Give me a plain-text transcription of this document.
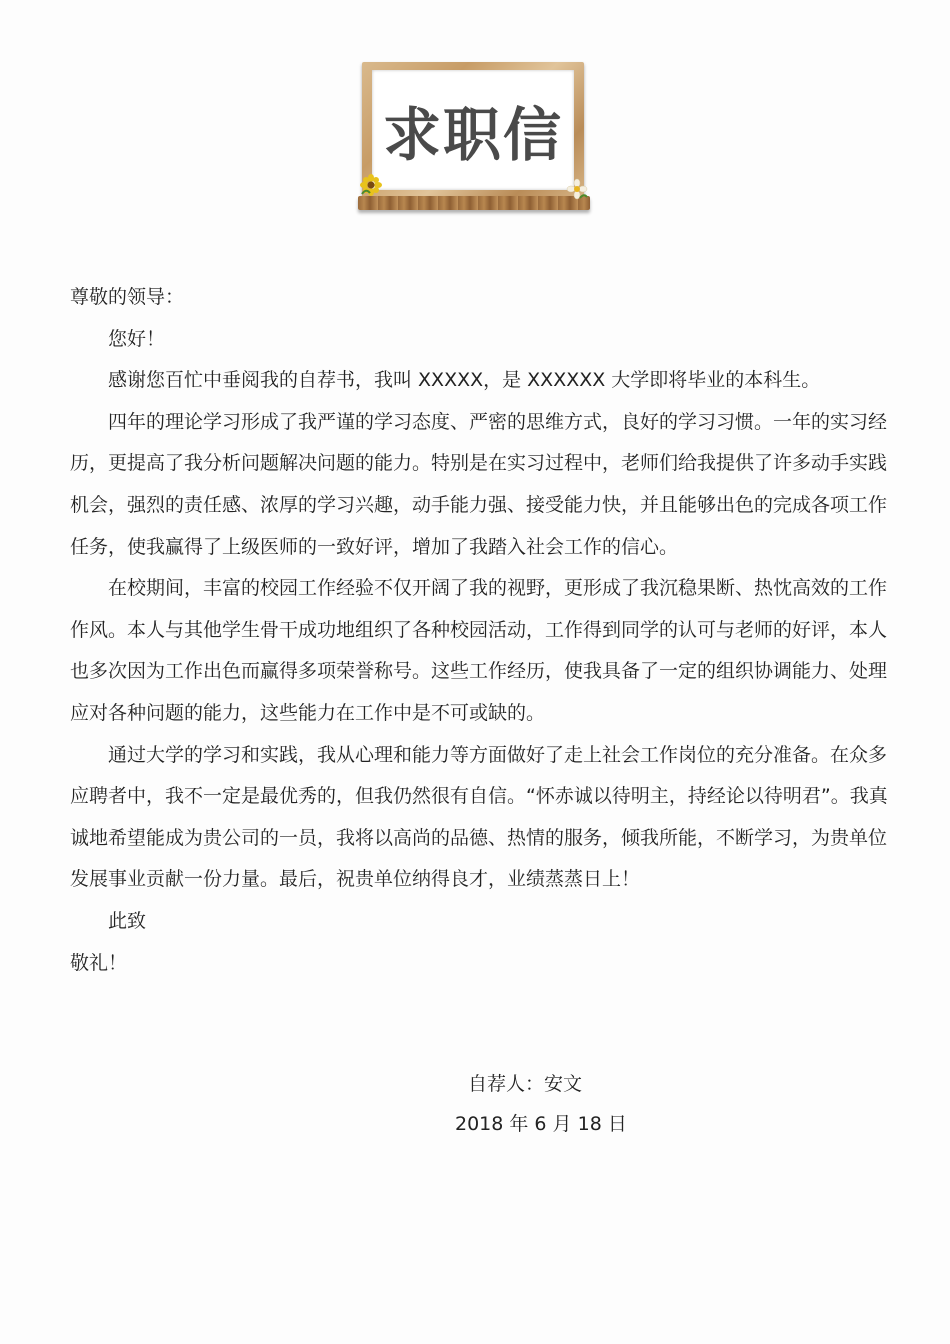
求职信

尊敬的领导：

您好！

感谢您百忙中垂阅我的自荐书，我叫 XXXXX，是 XXXXXX 大学即将毕业的本科生。

四年的理论学习形成了我严谨的学习态度、严密的思维方式，良好的学习习惯。一年的实习经历，更提高了我分析问题解决问题的能力。特别是在实习过程中，老师们给我提供了许多动手实践机会，强烈的责任感、浓厚的学习兴趣，动手能力强、接受能力快，并且能够出色的完成各项工作任务，使我赢得了上级医师的一致好评，增加了我踏入社会工作的信心。

在校期间，丰富的校园工作经验不仅开阔了我的视野，更形成了我沉稳果断、热忱高效的工作作风。本人与其他学生骨干成功地组织了各种校园活动，工作得到同学的认可与老师的好评，本人也多次因为工作出色而赢得多项荣誉称号。这些工作经历，使我具备了一定的组织协调能力、处理应对各种问题的能力，这些能力在工作中是不可或缺的。

通过大学的学习和实践，我从心理和能力等方面做好了走上社会工作岗位的充分准备。在众多应聘者中，我不一定是最优秀的，但我仍然很有自信。“怀赤诚以待明主，持经论以待明君”。我真诚地希望能成为贵公司的一员，我将以高尚的品德、热情的服务，倾我所能，不断学习，为贵单位发展事业贡献一份力量。最后，祝贵单位纳得良才，业绩蒸蒸日上！

此致

敬礼！

自荐人：安文
2018 年 6 月 18 日
